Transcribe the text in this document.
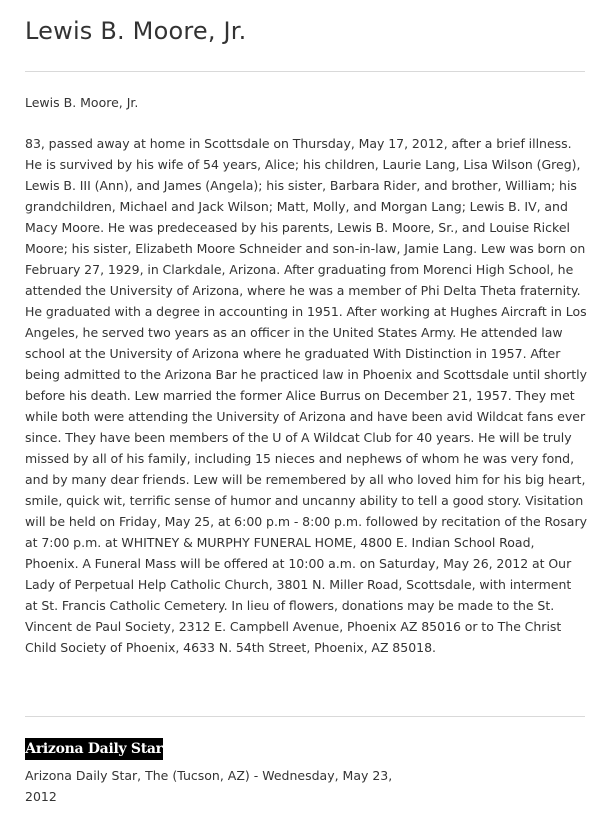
Lewis B. Moore, Jr.

Lewis B. Moore, Jr.

83, passed away at home in Scottsdale on Thursday, May 17, 2012, after a brief illness. He is survived by his wife of 54 years, Alice; his children, Laurie Lang, Lisa Wilson (Greg), Lewis B. III (Ann), and James (Angela); his sister, Barbara Rider, and brother, William; his grandchildren, Michael and Jack Wilson; Matt, Molly, and Morgan Lang; Lewis B. IV, and Macy Moore. He was predeceased by his parents, Lewis B. Moore, Sr., and Louise Rickel Moore; his sister, Elizabeth Moore Schneider and son-in-law, Jamie Lang. Lew was born on February 27, 1929, in Clarkdale, Arizona. After graduating from Morenci High School, he attended the University of Arizona, where he was a member of Phi Delta Theta fraternity. He graduated with a degree in accounting in 1951. After working at Hughes Aircraft in Los Angeles, he served two years as an officer in the United States Army. He attended law school at the University of Arizona where he graduated With Distinction in 1957. After being admitted to the Arizona Bar he practiced law in Phoenix and Scottsdale until shortly before his death. Lew married the former Alice Burrus on December 21, 1957. They met while both were attending the University of Arizona and have been avid Wildcat fans ever since. They have been members of the U of A Wildcat Club for 40 years. He will be truly missed by all of his family, including 15 nieces and nephews of whom he was very fond, and by many dear friends. Lew will be remembered by all who loved him for his big heart, smile, quick wit, terrific sense of humor and uncanny ability to tell a good story. Visitation will be held on Friday, May 25, at 6:00 p.m - 8:00 p.m. followed by recitation of the Rosary at 7:00 p.m. at WHITNEY & MURPHY FUNERAL HOME, 4800 E. Indian School Road, Phoenix. A Funeral Mass will be offered at 10:00 a.m. on Saturday, May 26, 2012 at Our Lady of Perpetual Help Catholic Church, 3801 N. Miller Road, Scottsdale, with interment at St. Francis Catholic Cemetery. In lieu of flowers, donations may be made to the St. Vincent de Paul Society, 2312 E. Campbell Avenue, Phoenix AZ 85016 or to The Christ Child Society of Phoenix, 4633 N. 54th Street, Phoenix, AZ 85018.

Arizona Daily Star

Arizona Daily Star, The (Tucson, AZ) - Wednesday, May 23,
2012
